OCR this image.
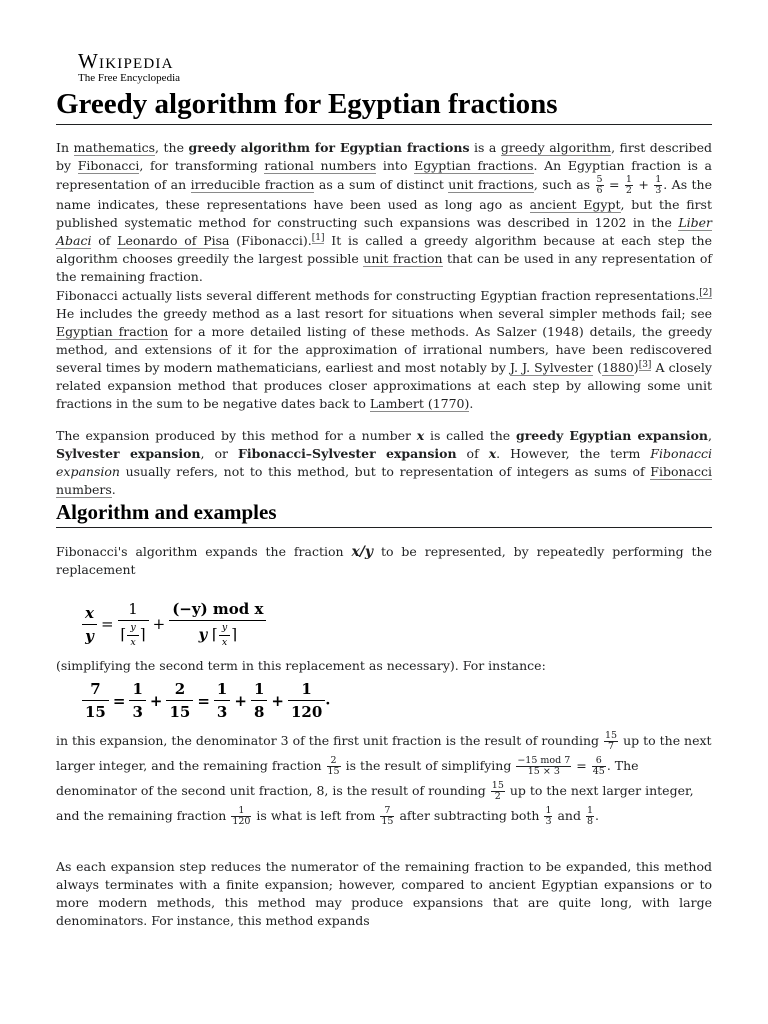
Wikipedia
The Free Encyclopedia
Greedy algorithm for Egyptian fractions

In mathematics, the greedy algorithm for Egyptian fractions is a greedy algorithm, first described by Fibonacci, for transforming rational numbers into Egyptian fractions. An Egyptian fraction is a representation of an irreducible fraction as a sum of distinct unit fractions, such as $\frac{5}{6} = \frac{1}{2} + \frac{1}{3}$ . As the name indicates, these representations have been used as long ago as ancient Egypt, but the first published systematic method for constructing such expansions was described in 1202 in the Liber Abaci of Leonardo of Pisa (Fibonacci).[1] It is called a greedy algorithm because at each step the algorithm chooses greedily the largest possible unit fraction that can be used in any representation of the remaining fraction.

Fibonacci actually lists several different methods for constructing Egyptian fraction representations.[2] He includes the greedy method as a last resort for situations when several simpler methods fail; see Egyptian fraction for a more detailed listing of these methods. As Salzer (1948) details, the greedy method, and extensions of it for the approximation of irrational numbers, have been rediscovered several times by modern mathematicians, earliest and most notably by J. J. Sylvester (1880)[3] A closely related expansion method that produces closer approximations at each step by allowing some unit fractions in the sum to be negative dates back to Lambert (1770).

The expansion produced by this method for a number x is called the greedy Egyptian expansion, Sylvester expansion, or Fibonacci–Sylvester expansion of x. However, the term Fibonacci expansion usually refers, not to this method, but to representation of integers as sums of Fibonacci numbers.

Algorithm and examples

Fibonacci's algorithm expands the fraction x/y to be represented, by repeatedly performing the replacement

$\frac{x}{y} = \frac{1}{⌈ \frac{y}{x} ⌉}$ +
(−y) mod x
y ⌈ $\frac{y}{x}$ ⌉

(simplifying the second term in this replacement as necessary). For instance:

$\frac{7}{15} = \frac{1}{3} + \frac{2}{15} = \frac{1}{3} + \frac{1}{8} + \frac{1}{120}$ .

in this expansion, the denominator 3 of the first unit fraction is the result of rounding $\frac{15}{7}$ up to the next larger integer, and the remaining fraction $\frac{2}{15}$ is the result of simplifying $\frac{\text{−15 mod 7}}{15 \times 3} = \frac{6}{45}$ . The denominator of the second unit fraction, 8, is the result of rounding $\frac{15}{2}$ up to the next larger integer, and the remaining fraction $\frac{1}{120}$ is what is left from $\frac{7}{15}$ after subtracting both $\frac{1}{3}$ and $\frac{1}{8}$ .

As each expansion step reduces the numerator of the remaining fraction to be expanded, this method always terminates with a finite expansion; however, compared to ancient Egyptian expansions or to more modern methods, this method may produce expansions that are quite long, with large denominators. For instance, this method expands
